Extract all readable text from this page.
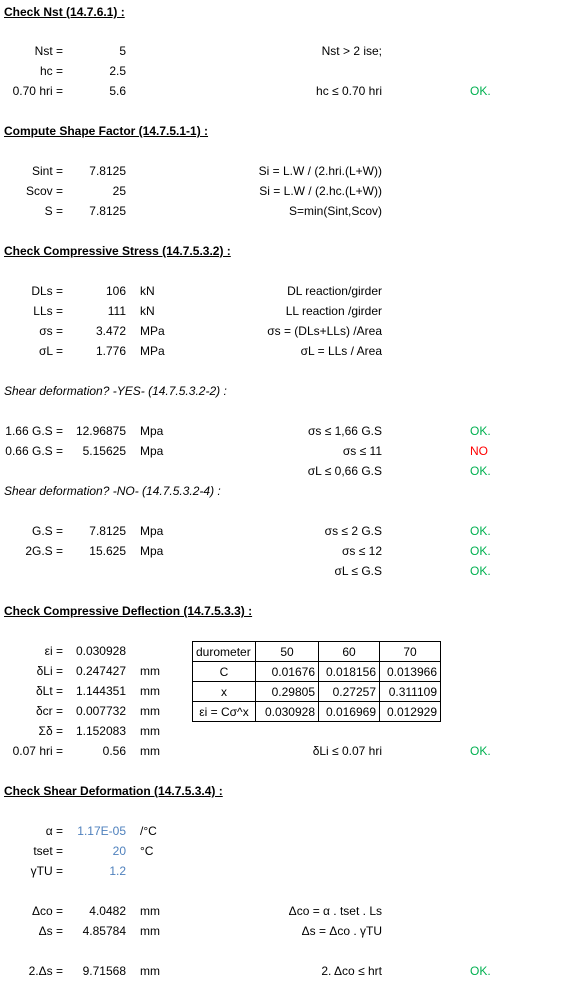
Check Nst (14.7.6.1) :
Nst =	5	Nst > 2 ise;
hc =	2.5
0.70 hri =	5.6	hc ≤ 0.70 hri	OK.
Compute Shape Factor (14.7.5.1-1) :
Sint = 7.8125	Si = L.W / (2.hri.(L+W))
Scov =	25	Si = L.W / (2.hc.(L+W))
S = 7.8125	S=min(Sint,Scov)
Check Compressive Stress (14.7.5.3.2) :
DLs =	106 kN	DL reaction/girder
LLs =	111 kN	LL reaction /girder
σs =	3.472 MPa	σs = (DLs+LLs) /Area
σL =	1.776 MPa	σL = LLs / Area
Shear deformation? -YES- (14.7.5.3.2-2) :
1.66 G.S = 12.96875 Mpa	σs ≤ 1,66 G.S	OK.
0.66 G.S = 5.15625 Mpa	σs ≤ 11	NO
σL ≤ 0,66 G.S	OK.
Shear deformation? -NO- (14.7.5.3.2-4) :
G.S = 7.8125 Mpa	σs ≤ 2 G.S	OK.
2G.S = 15.625 Mpa	σs ≤ 12	OK.
σL ≤ G.S	OK.
Check Compressive Deflection (14.7.5.3.3) :
εi = 0.030928
δLi = 0.247427 mm
δLt = 1.144351 mm
δcr = 0.007732 mm
Σδ = 1.152083 mm
0.07 hri =	0.56 mm	δLi ≤ 0.07 hri	OK.
durometer	50	60	70
C	0.01676	0.018156	0.013966
x	0.29805	0.27257	0.311109
εi = Cσ^x	0.030928	0.016969	0.012929
Check Shear Deformation (14.7.5.3.4) :
α = 1.17E-05 /°C
tset =	20 °C
γTU =	1.2
Δco = 4.0482 mm	Δco = α . tset . Ls
Δs = 4.85784 mm	Δs = Δco . γTU
2.Δs = 9.71568 mm	2. Δco ≤ hrt	OK.
